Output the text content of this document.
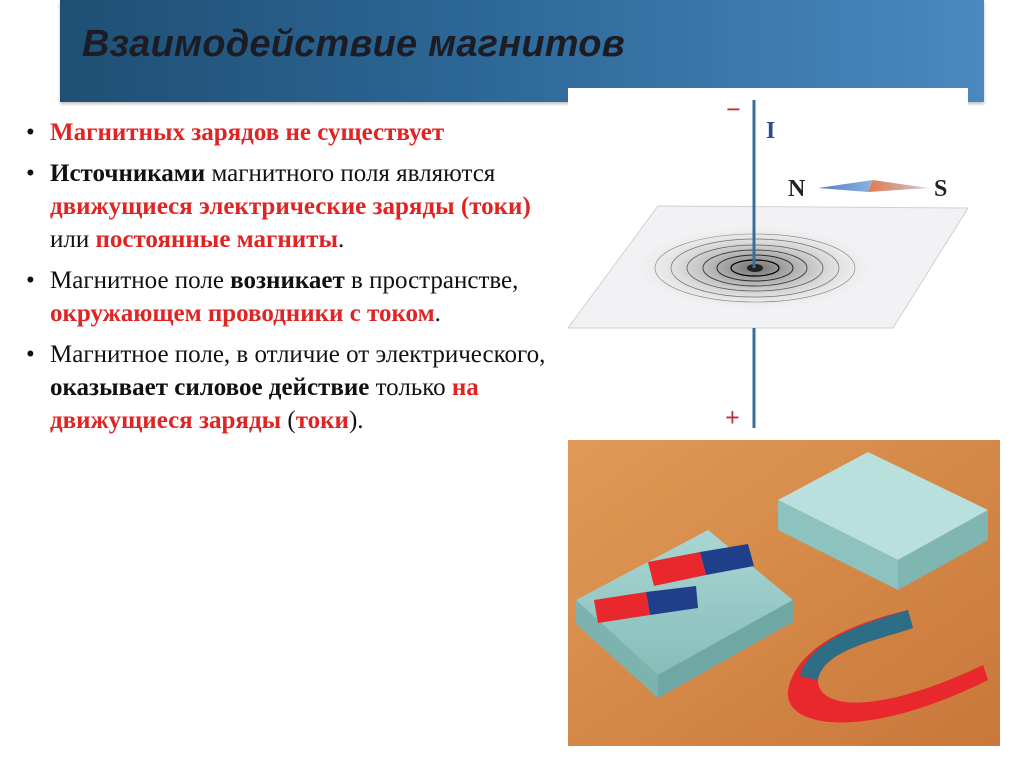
Взаимодействие магнитов
• Магнитных зарядов не существует
• Источниками магнитного поля являются движущиеся электрические заряды (токи) или постоянные магниты.
• Магнитное поле возникает в пространстве, окружающем проводники с током.
• Магнитное поле, в отличие от электрического, оказывает силовое действие только на движущиеся заряды (токи).
−
I
+
N	S
